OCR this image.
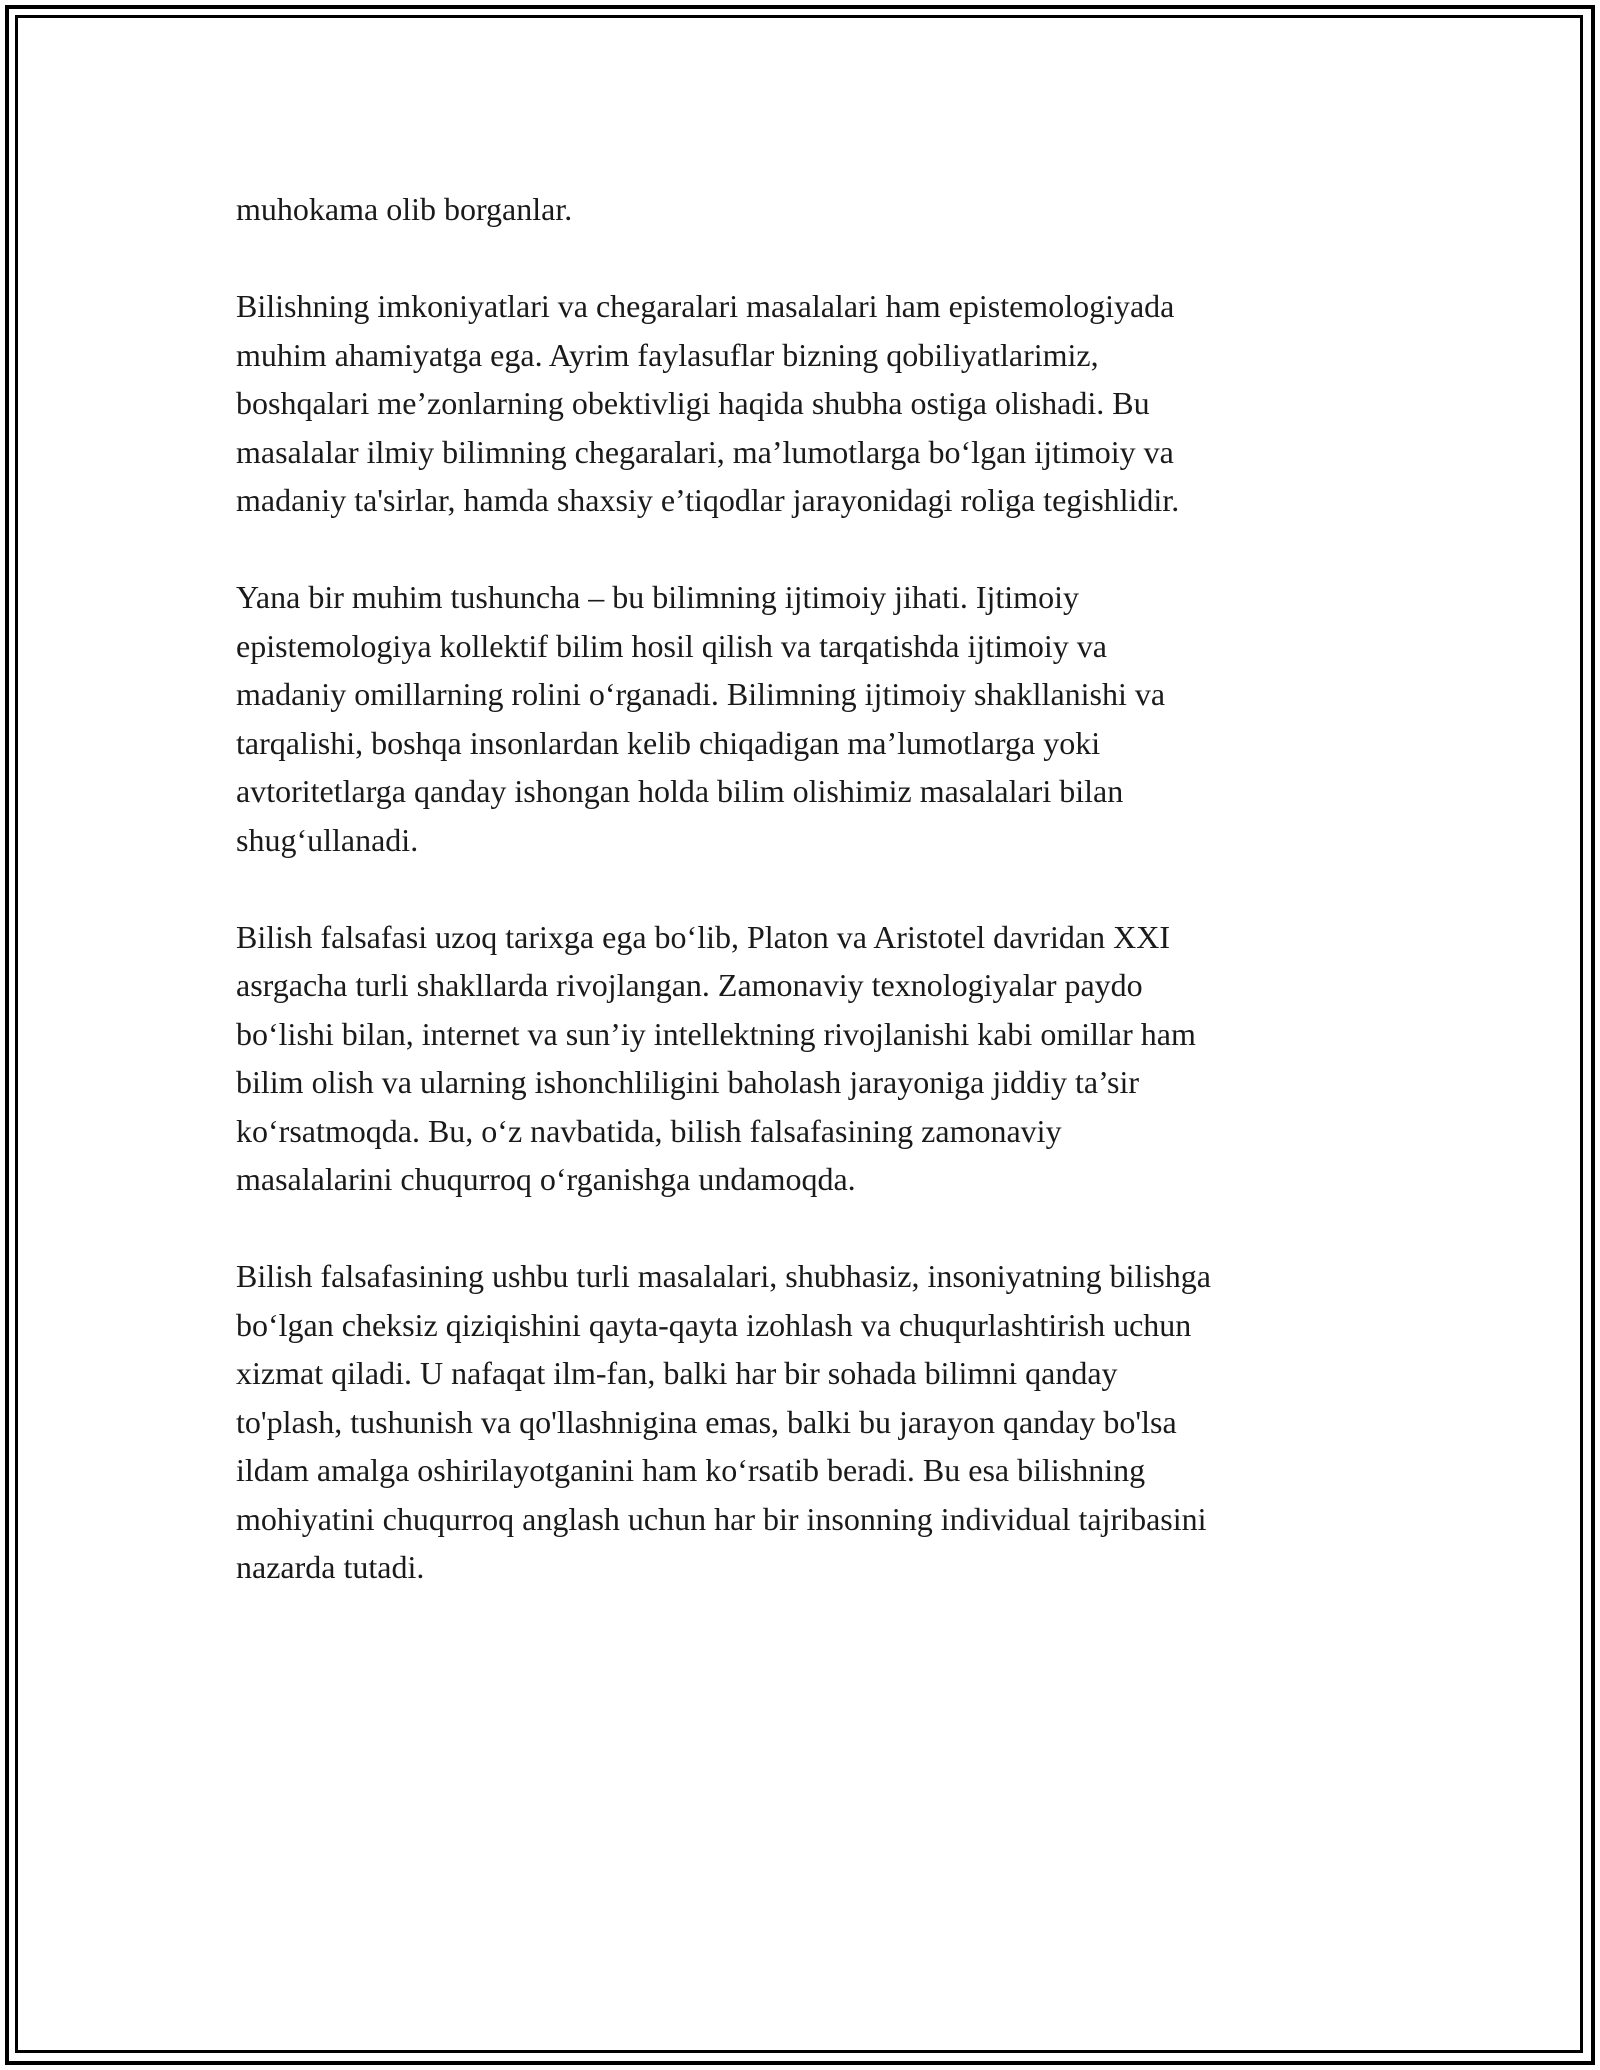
muhokama olib borganlar.

Bilishning imkoniyatlari va chegaralari masalalari ham epistemologiyada
muhim ahamiyatga ega. Ayrim faylasuflar bizning qobiliyatlarimiz,
boshqalari me’zonlarning obektivligi haqida shubha ostiga olishadi. Bu
masalalar ilmiy bilimning chegaralari, ma’lumotlarga bo‘lgan ijtimoiy va
madaniy ta'sirlar, hamda shaxsiy e’tiqodlar jarayonidagi roliga tegishlidir.

Yana bir muhim tushuncha – bu bilimning ijtimoiy jihati. Ijtimoiy
epistemologiya kollektif bilim hosil qilish va tarqatishda ijtimoiy va
madaniy omillarning rolini o‘rganadi. Bilimning ijtimoiy shakllanishi va
tarqalishi, boshqa insonlardan kelib chiqadigan ma’lumotlarga yoki
avtoritetlarga qanday ishongan holda bilim olishimiz masalalari bilan
shug‘ullanadi.

Bilish falsafasi uzoq tarixga ega bo‘lib, Platon va Aristotel davridan XXI
asrgacha turli shakllarda rivojlangan. Zamonaviy texnologiyalar paydo
bo‘lishi bilan, internet va sun’iy intellektning rivojlanishi kabi omillar ham
bilim olish va ularning ishonchliligini baholash jarayoniga jiddiy ta’sir
ko‘rsatmoqda. Bu, o‘z navbatida, bilish falsafasining zamonaviy
masalalarini chuqurroq o‘rganishga undamoqda.

Bilish falsafasining ushbu turli masalalari, shubhasiz, insoniyatning bilishga
bo‘lgan cheksiz qiziqishini qayta-qayta izohlash va chuqurlashtirish uchun
xizmat qiladi. U nafaqat ilm-fan, balki har bir sohada bilimni qanday
to'plash, tushunish va qo'llashnigina emas, balki bu jarayon qanday bo'lsa
ildam amalga oshirilayotganini ham ko‘rsatib beradi. Bu esa bilishning
mohiyatini chuqurroq anglash uchun har bir insonning individual tajribasini
nazarda tutadi.
